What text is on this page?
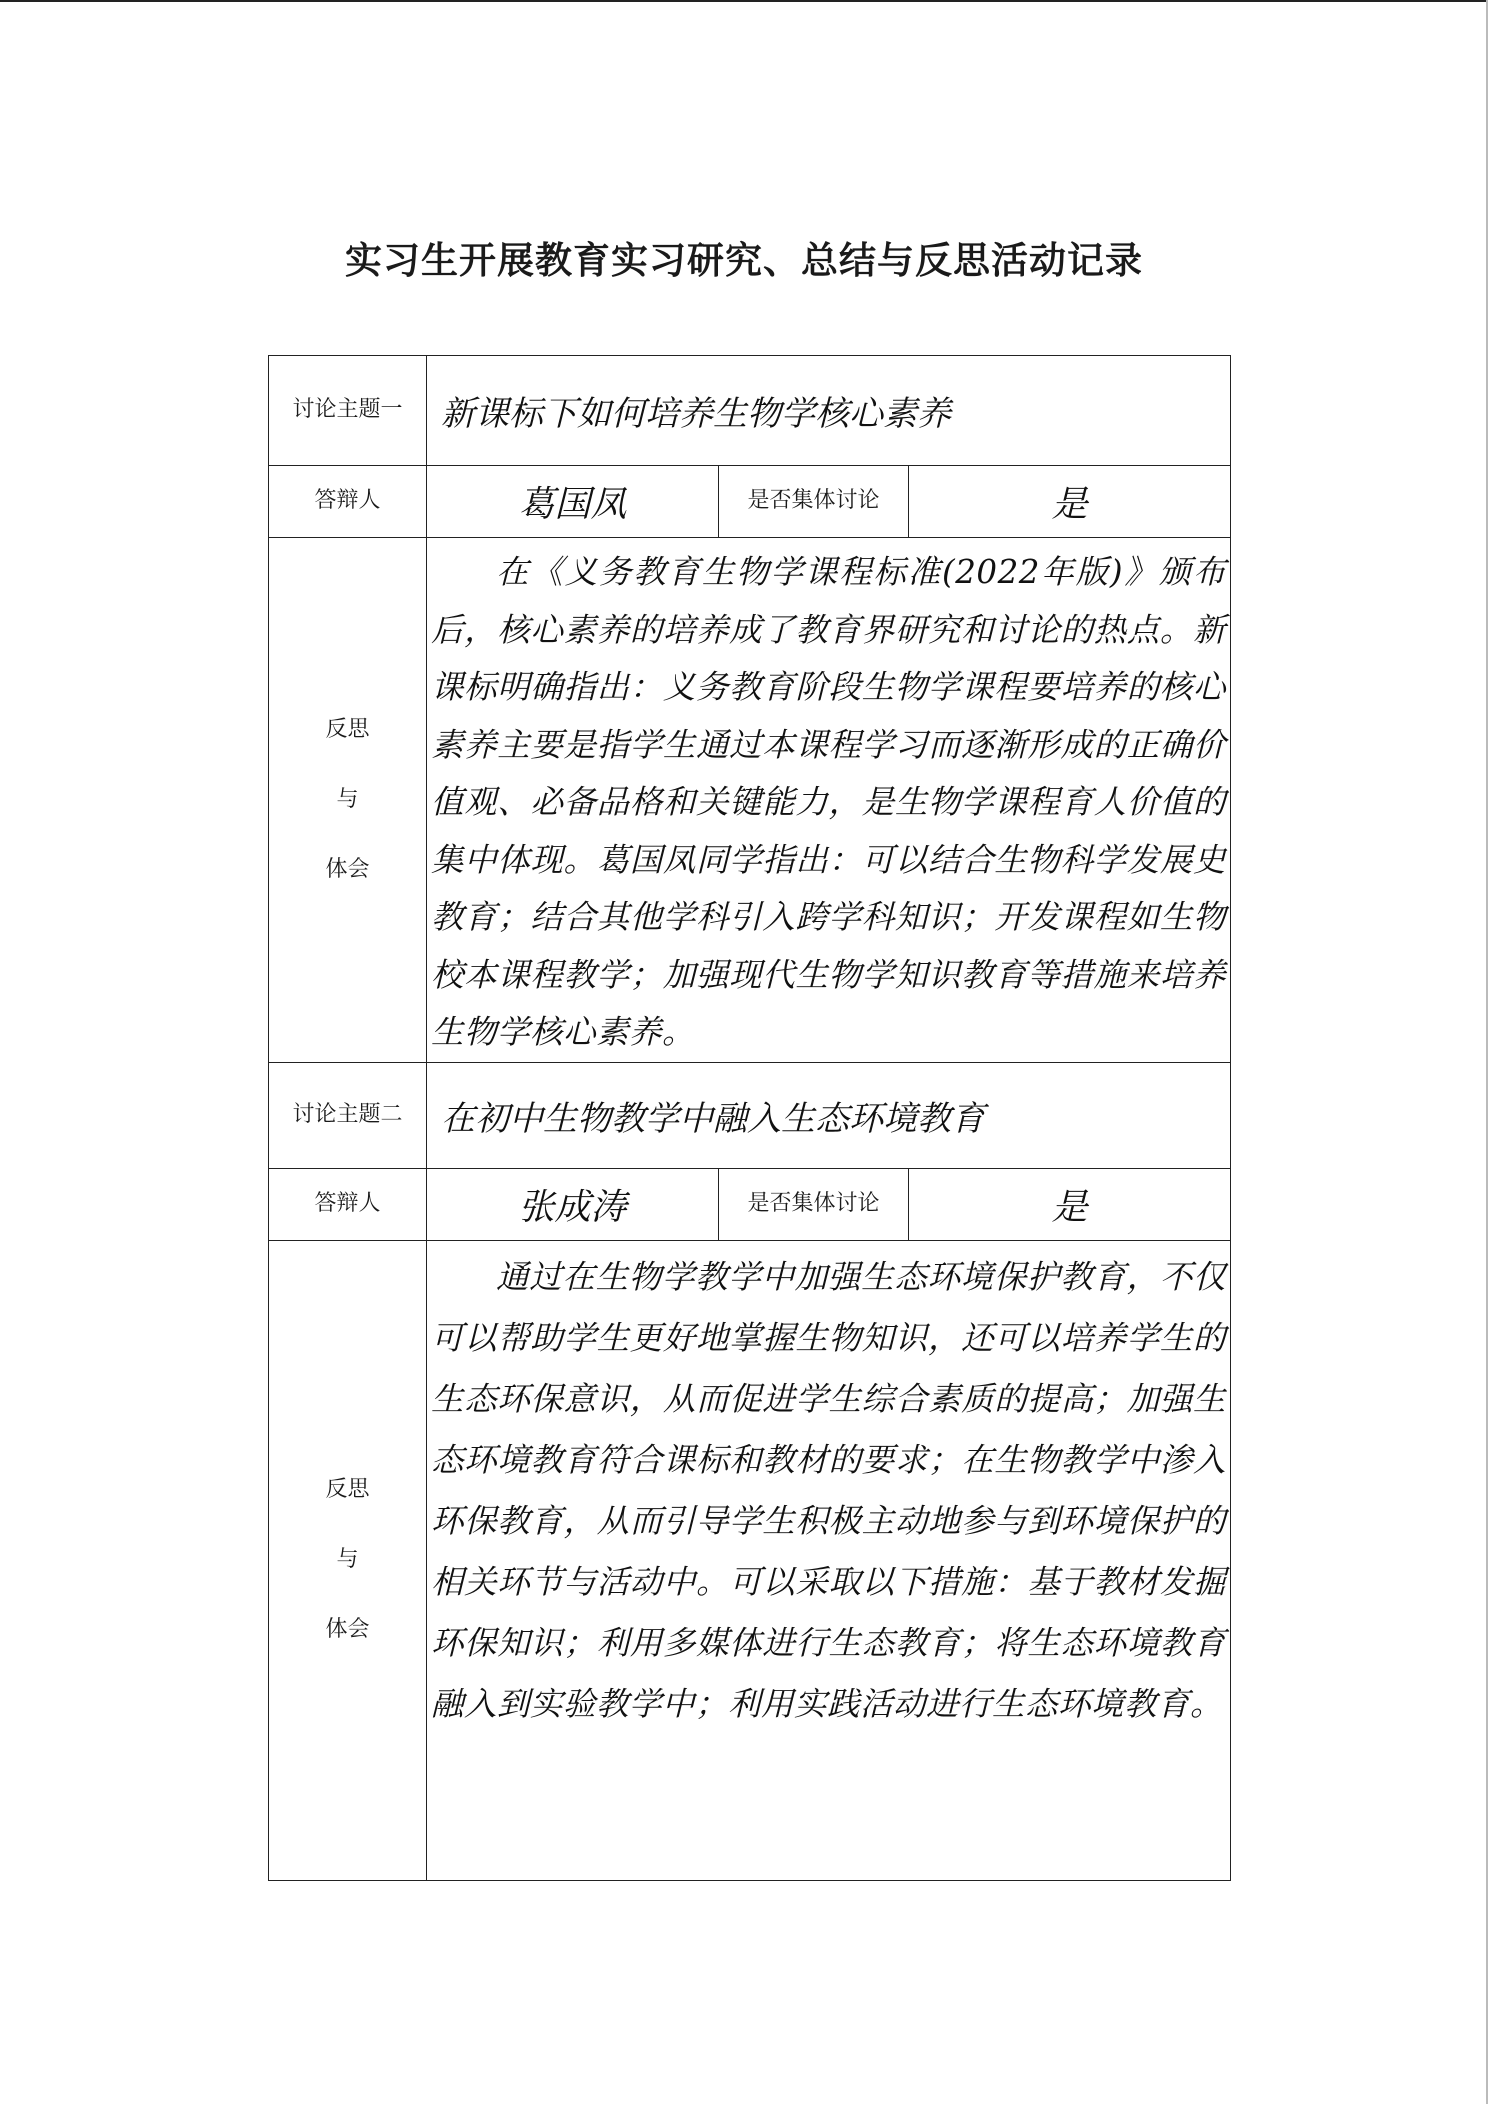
实习生开展教育实习研究、总结与反思活动记录
讨论主题一	新课标下如何培养生物学核心素养		
答辩人	葛国凤	是否集体讨论	是

反思
与
体会	在《义务教育生物学课程标准(2022年版)》颁布后，核心素养的培养成了教育界研究和讨论的热点。新课标明确指出：义务教育阶段生物学课程要培养的核心素养主要是指学生通过本课程学习而逐渐形成的正确价值观、必备品格和关键能力，是生物学课程育人价值的集中体现。葛国凤同学指出：可以结合生物科学发展史教育；结合其他学科引入跨学科知识；开发课程如生物校本课程教学；加强现代生物学知识教育等措施来培养生物学核心素养。		

讨论主题二	在初中生物教学中融入生态环境教育		
答辩人	张成涛	是否集体讨论	是

反思
与
体会	通过在生物学教学中加强生态环境保护教育，不仅可以帮助学生更好地掌握生物知识，还可以培养学生的生态环保意识，从而促进学生综合素质的提高；加强生态环境教育符合课标和教材的要求；在生物教学中渗入环保教育，从而引导学生积极主动地参与到环境保护的相关环节与活动中。可以采取以下措施：基于教材发掘环保知识；利用多媒体进行生态教育；将生态环境教育融入到实验教学中；利用实践活动进行生态环境教育。		
